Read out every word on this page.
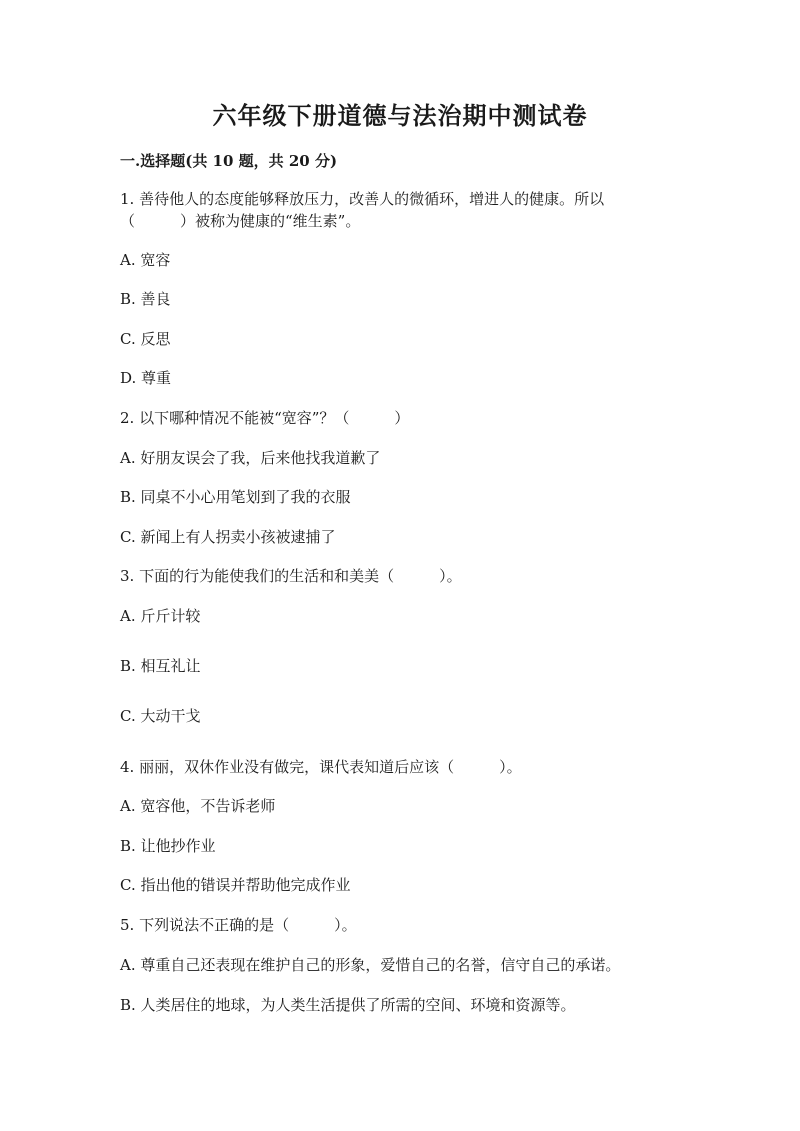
六年级下册道德与法治期中测试卷
一.选择题(共 10 题，共 20 分)
1. 善待他人的态度能够释放压力，改善人的微循环，增进人的健康。所以
（　　　）被称为健康的“维生素”。
A. 宽容
B. 善良
C. 反思
D. 尊重
2. 以下哪种情况不能被“宽容”？（　　　）
A. 好朋友误会了我，后来他找我道歉了
B. 同桌不小心用笔划到了我的衣服
C. 新闻上有人拐卖小孩被逮捕了
3. 下面的行为能使我们的生活和和美美（　　　）。
A. 斤斤计较
B. 相互礼让
C. 大动干戈
4. 丽丽，双休作业没有做完，课代表知道后应该（　　　）。
A. 宽容他，不告诉老师
B. 让他抄作业
C. 指出他的错误并帮助他完成作业
5. 下列说法不正确的是（　　　）。
A. 尊重自己还表现在维护自己的形象，爱惜自己的名誉，信守自己的承诺。
B. 人类居住的地球，为人类生活提供了所需的空间、环境和资源等。
